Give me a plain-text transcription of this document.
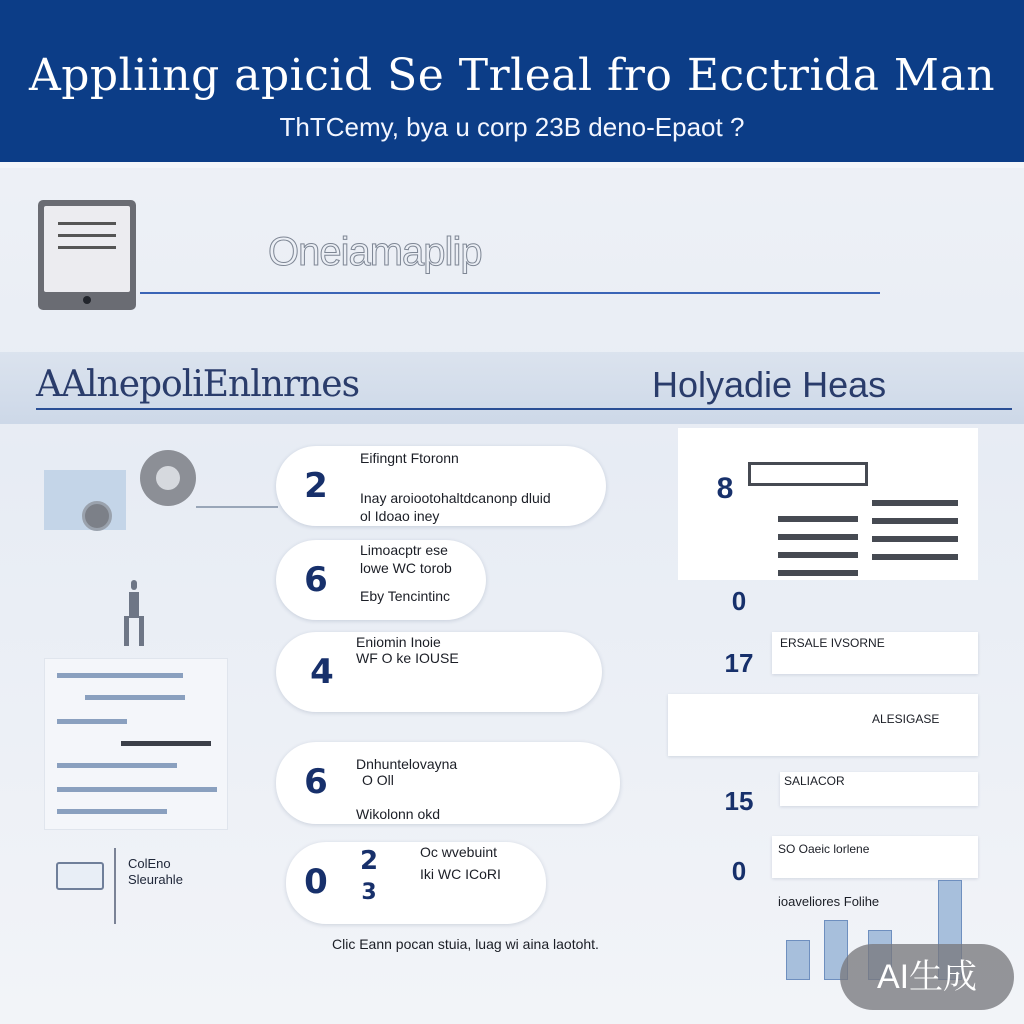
Appliing apicid Se Trleal fro Ecctrida Man
ThTCemy, bya u corp 23B deno-Epaot ?
Oneiamaplip
AAlnepoliEnlnrnes	Holyadie Heas
ColEno Sleurahle
2
Eifingnt Ftoronn
Inay aroiootohaltdcanonp dluid
ol Idoao iney
6
Limoacptr ese
lowe WC torob
Eby Tencintinc
4
Eniomin Inoie
WF O ke IOUSE
6	Dnhuntelovayna
O Oll
Wikolonn okd
0
Oc wvebuint
Iki WC ICoRI
2
3
Clic Eann pocan stuia, luag wi aina laotoht.
8
0
17
15
0
ERSALE IVSORNE
ALESIGASE
SALIACOR
SO Oaeic lorlene
ioaveliores Folihe
AI生成
